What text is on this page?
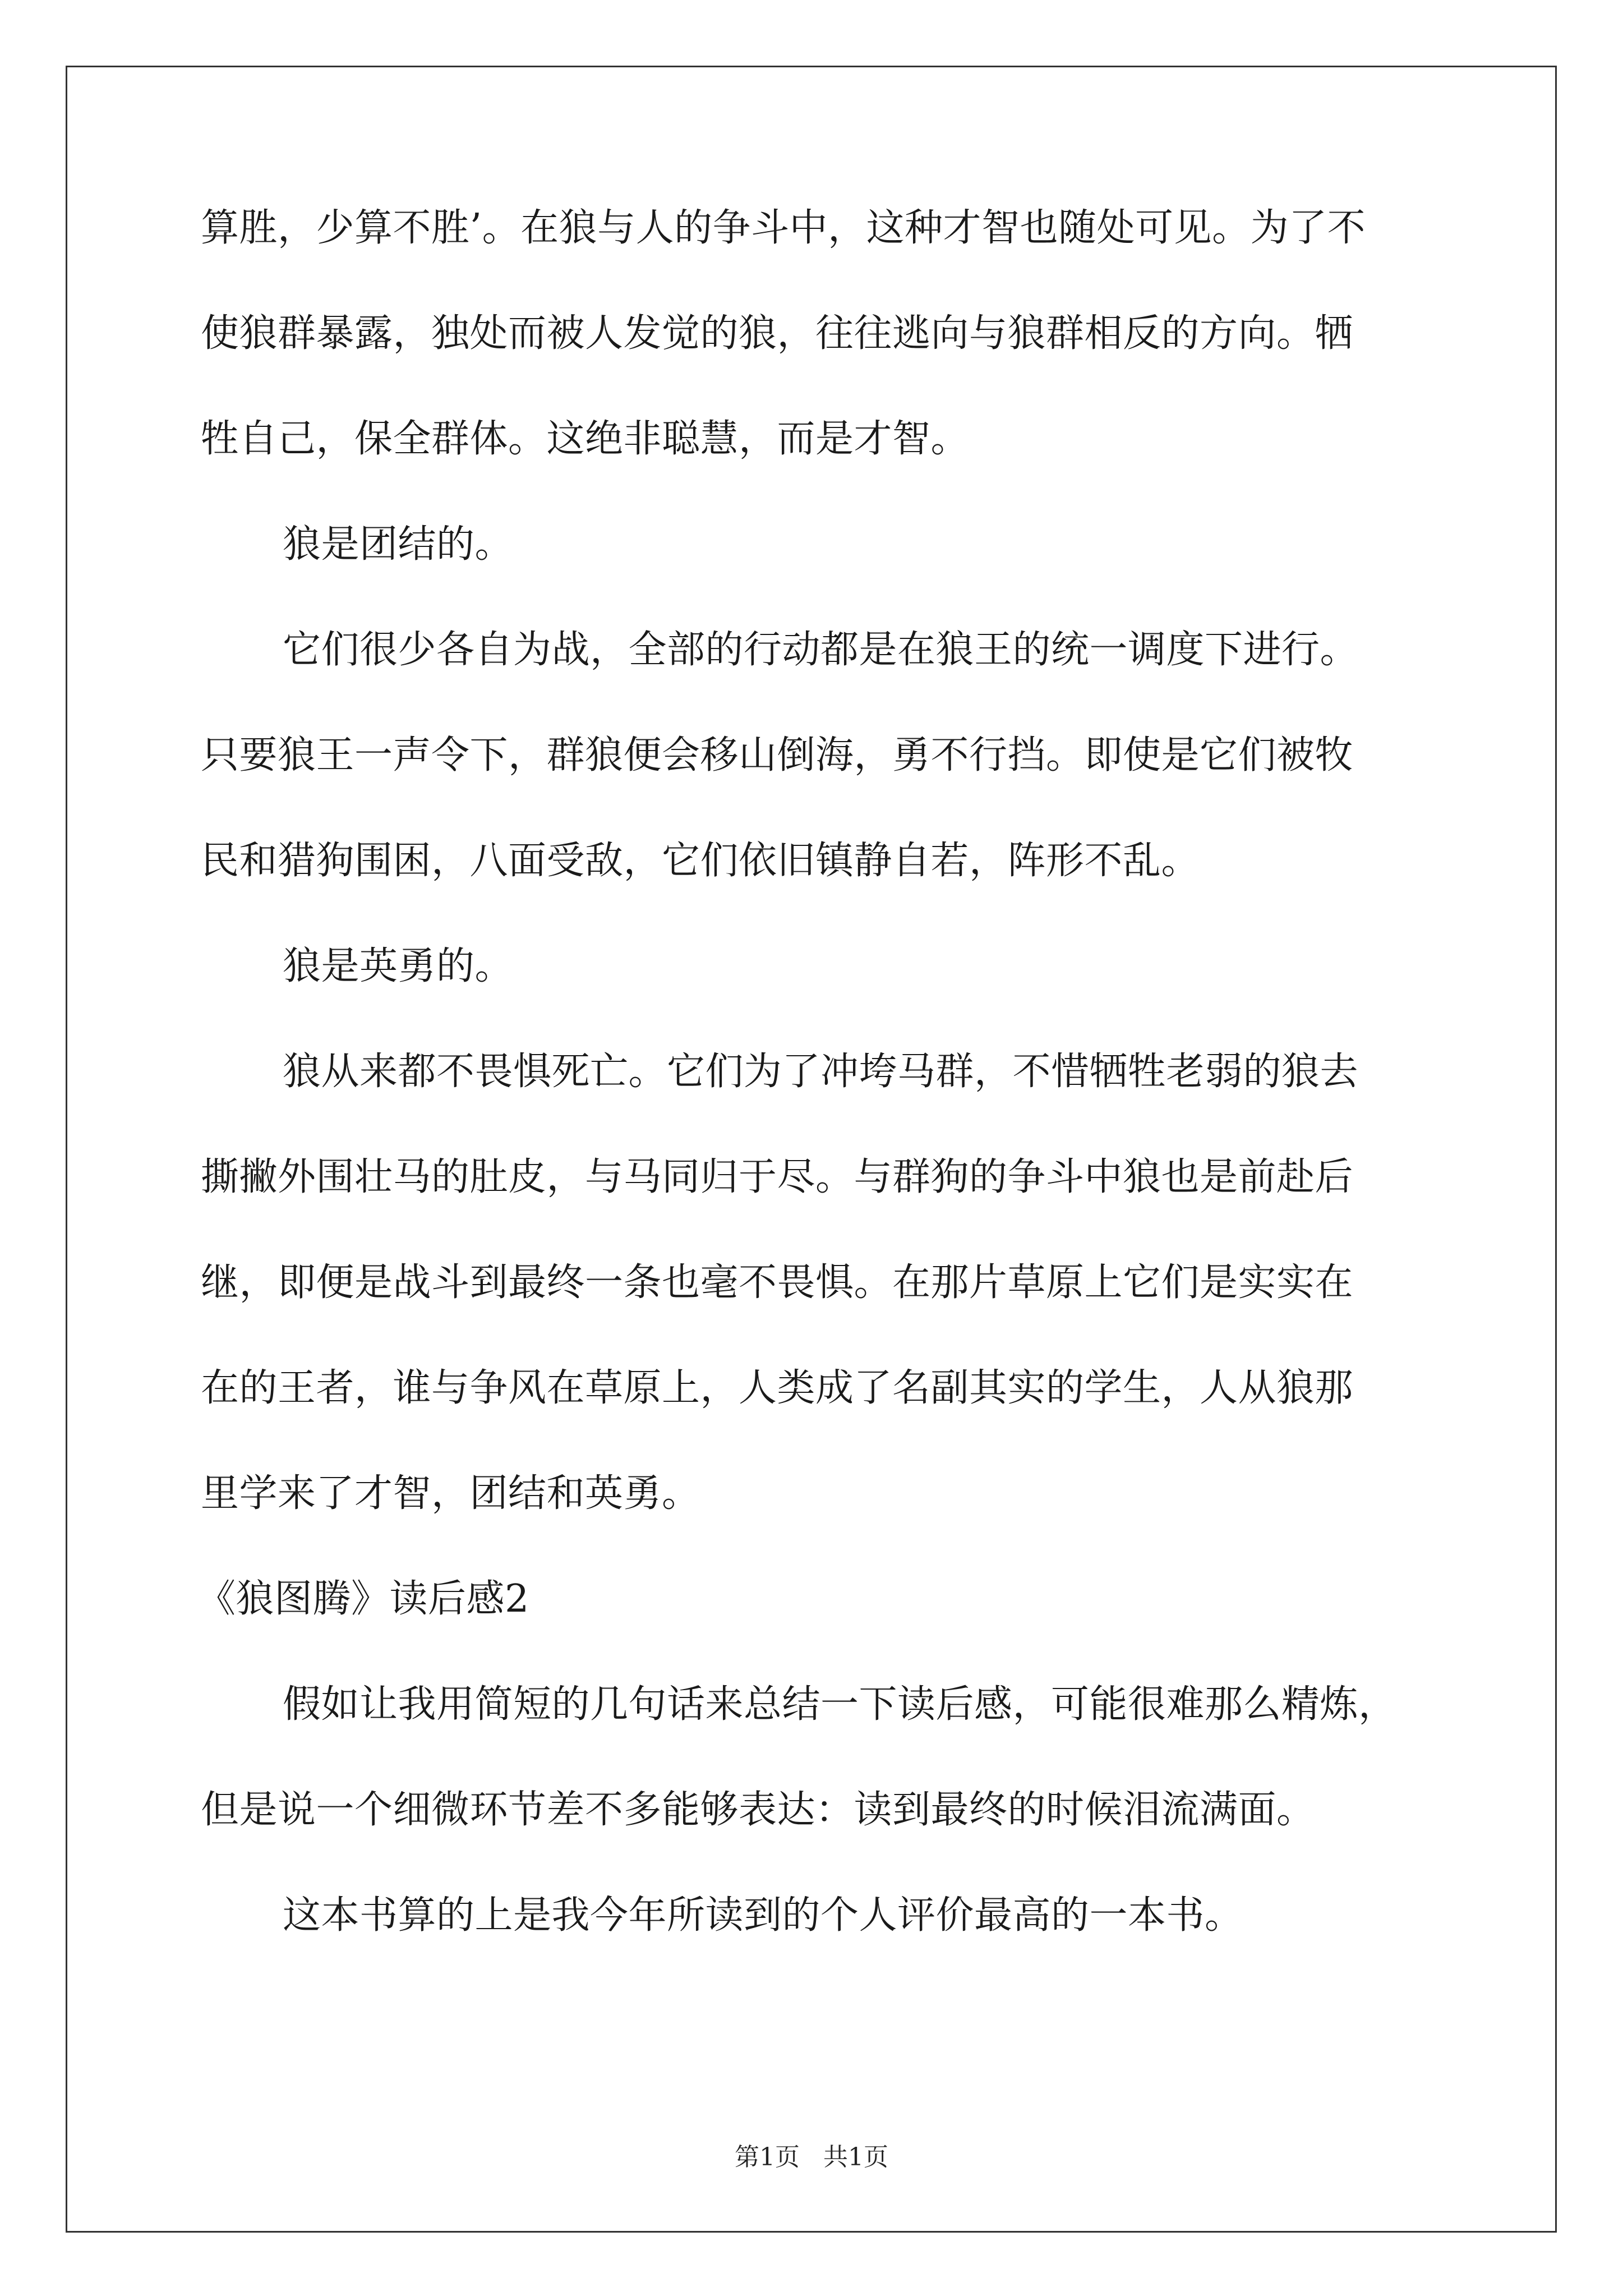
算胜，少算不胜’。在狼与人的争斗中，这种才智也随处可见。为了不
使狼群暴露，独处而被人发觉的狼，往往逃向与狼群相反的方向。牺
牲自己，保全群体。这绝非聪慧，而是才智。
狼是团结的。
它们很少各自为战，全部的行动都是在狼王的统一调度下进行。
只要狼王一声令下，群狼便会移山倒海，勇不行挡。即使是它们被牧
民和猎狗围困，八面受敌，它们依旧镇静自若，阵形不乱。
狼是英勇的。
狼从来都不畏惧死亡。它们为了冲垮马群，不惜牺牲老弱的狼去
撕撇外围壮马的肚皮，与马同归于尽。与群狗的争斗中狼也是前赴后
继，即便是战斗到最终一条也毫不畏惧。在那片草原上它们是实实在
在的王者，谁与争风在草原上，人类成了名副其实的学生，人从狼那
里学来了才智，团结和英勇。
《狼图腾》读后感2
假如让我用简短的几句话来总结一下读后感，可能很难那么精炼，
但是说一个细微环节差不多能够表达：读到最终的时候泪流满面。
这本书算的上是我今年所读到的个人评价最高的一本书。
第1页   共1页
